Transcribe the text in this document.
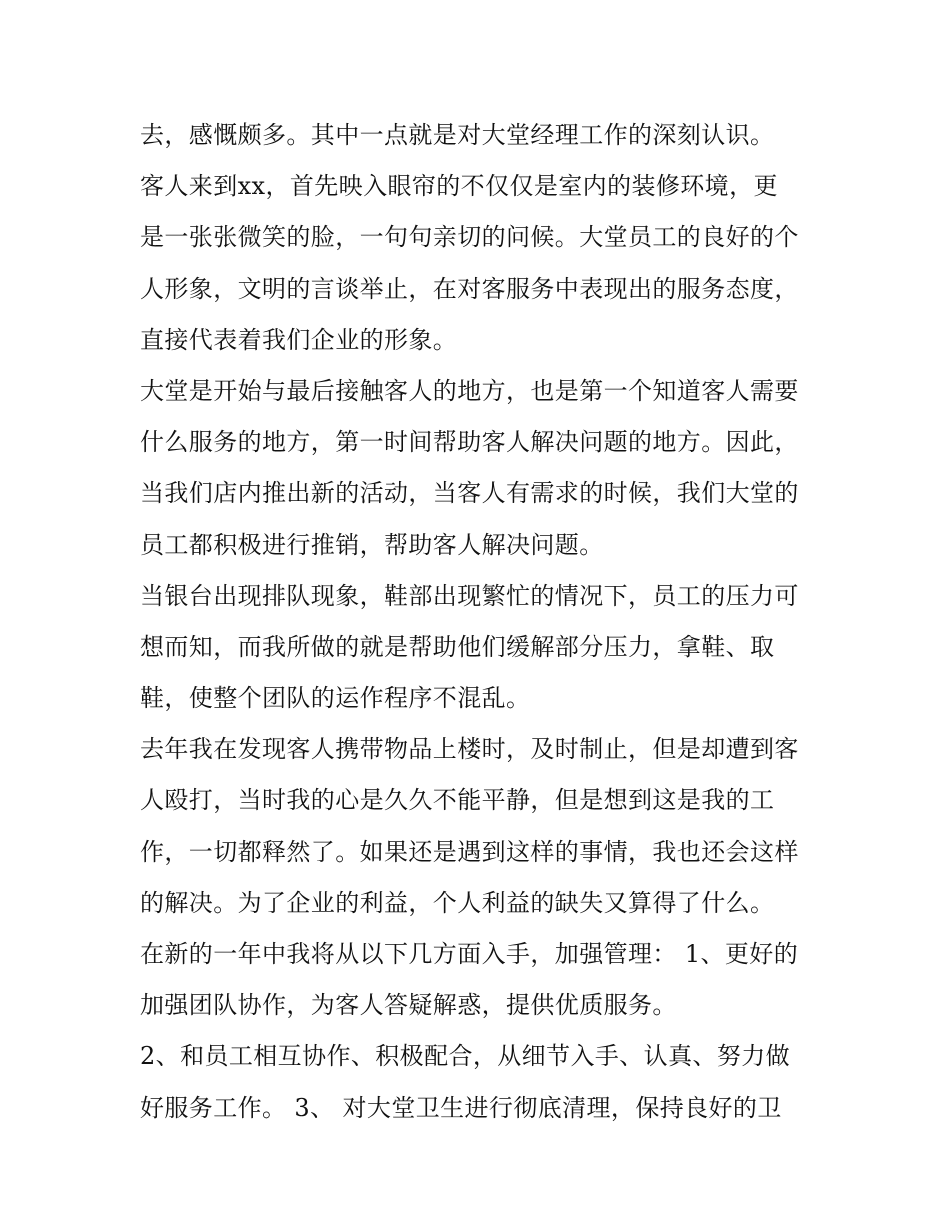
去，感慨颇多。其中一点就是对大堂经理工作的深刻认识。
客人来到xx，首先映入眼帘的不仅仅是室内的装修环境，更
是一张张微笑的脸，一句句亲切的问候。大堂员工的良好的个
人形象，文明的言谈举止，在对客服务中表现出的服务态度，
直接代表着我们企业的形象。
大堂是开始与最后接触客人的地方，也是第一个知道客人需要
什么服务的地方，第一时间帮助客人解决问题的地方。因此，
当我们店内推出新的活动，当客人有需求的时候，我们大堂的
员工都积极进行推销，帮助客人解决问题。
当银台出现排队现象，鞋部出现繁忙的情况下，员工的压力可
想而知，而我所做的就是帮助他们缓解部分压力，拿鞋、取
鞋，使整个团队的运作程序不混乱。
去年我在发现客人携带物品上楼时，及时制止，但是却遭到客
人殴打，当时我的心是久久不能平静，但是想到这是我的工
作，一切都释然了。如果还是遇到这样的事情，我也还会这样
的解决。为了企业的利益，个人利益的缺失又算得了什么。
在新的一年中我将从以下几方面入手，加强管理： 1、更好的
加强团队协作，为客人答疑解惑，提供优质服务。
2、和员工相互协作、积极配合，从细节入手、认真、努力做
好服务工作。 3、 对大堂卫生进行彻底清理，保持良好的卫
